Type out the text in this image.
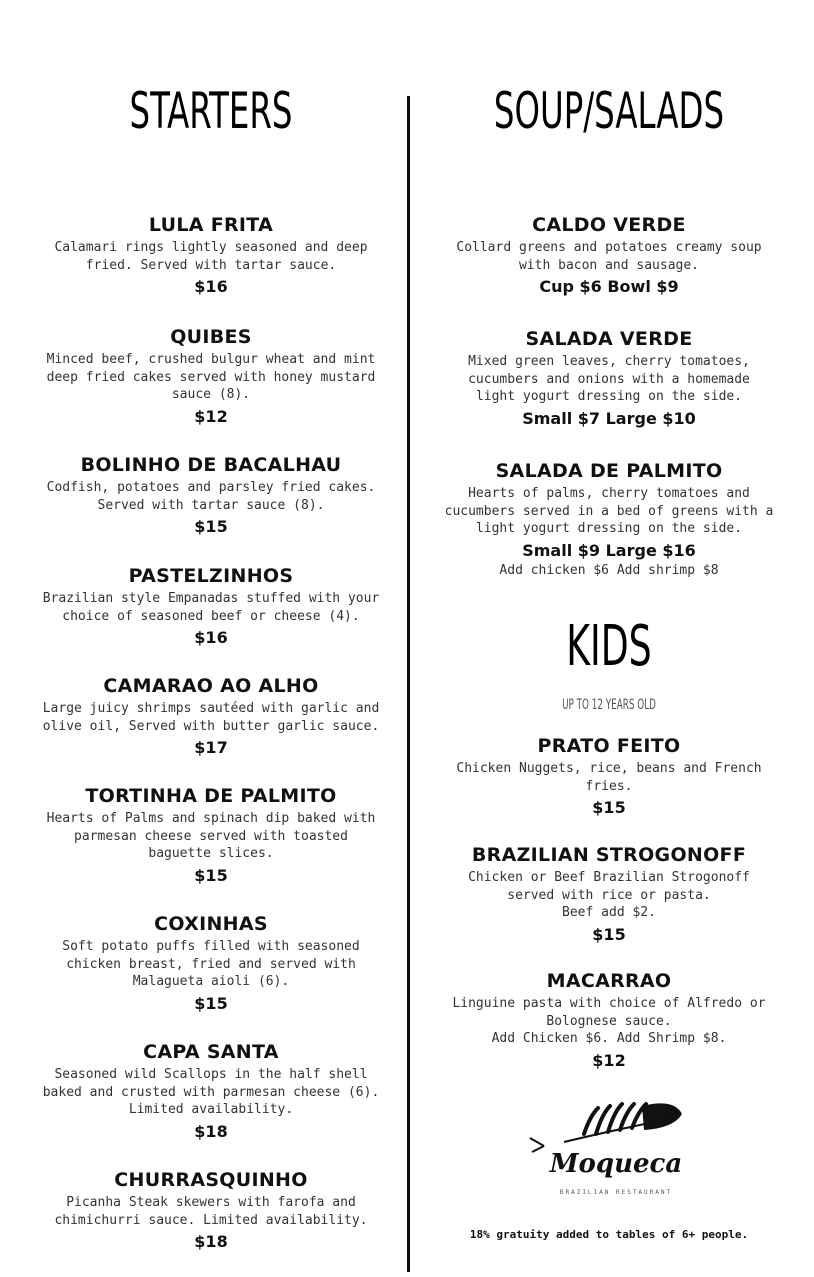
STARTERS
LULA FRITA
Calamari rings lightly seasoned and deep
fried. Served with tartar sauce.
$16
QUIBES
Minced beef, crushed bulgur wheat and mint
deep fried cakes served with honey mustard
sauce (8).
$12
BOLINHO DE BACALHAU
Codfish, potatoes and parsley fried cakes.
Served with tartar sauce (8).
$15
PASTELZINHOS
Brazilian style Empanadas stuffed with your
choice of seasoned beef or cheese (4).
$16
CAMARAO AO ALHO
Large juicy shrimps sautéed with garlic and
olive oil, Served with butter garlic sauce.
$17
TORTINHA DE PALMITO
Hearts of Palms and spinach dip baked with
parmesan cheese served with toasted
baguette slices.
$15
COXINHAS
Soft potato puffs filled with seasoned
chicken breast, fried and served with
Malagueta aioli (6).
$15
CAPA SANTA
Seasoned wild Scallops in the half shell
baked and crusted with parmesan cheese (6).
Limited availability.
$18
CHURRASQUINHO
Picanha Steak skewers with farofa and
chimichurri sauce. Limited availability.
$18
SOUP/SALADS
CALDO VERDE
Collard greens and potatoes creamy soup
with bacon and sausage.
Cup $6 Bowl $9
SALADA VERDE
Mixed green leaves, cherry tomatoes,
cucumbers and onions with a homemade
light yogurt dressing on the side.
Small $7 Large $10
SALADA DE PALMITO
Hearts of palms, cherry tomatoes and
cucumbers served in a bed of greens with a
light yogurt dressing on the side.
Small $9 Large $16
Add chicken $6 Add shrimp $8
KIDS
UP TO 12 YEARS OLD
PRATO FEITO
Chicken Nuggets, rice, beans and French
fries.
$15
BRAZILIAN STROGONOFF
Chicken or Beef Brazilian Strogonoff
served with rice or pasta.
Beef add $2.
$15
MACARRAO
Linguine pasta with choice of Alfredo or
Bolognese sauce.
Add Chicken $6. Add Shrimp $8.
$12
Moqueca
BRAZILIAN RESTAURANT
18% gratuity added to tables of 6+ people.
